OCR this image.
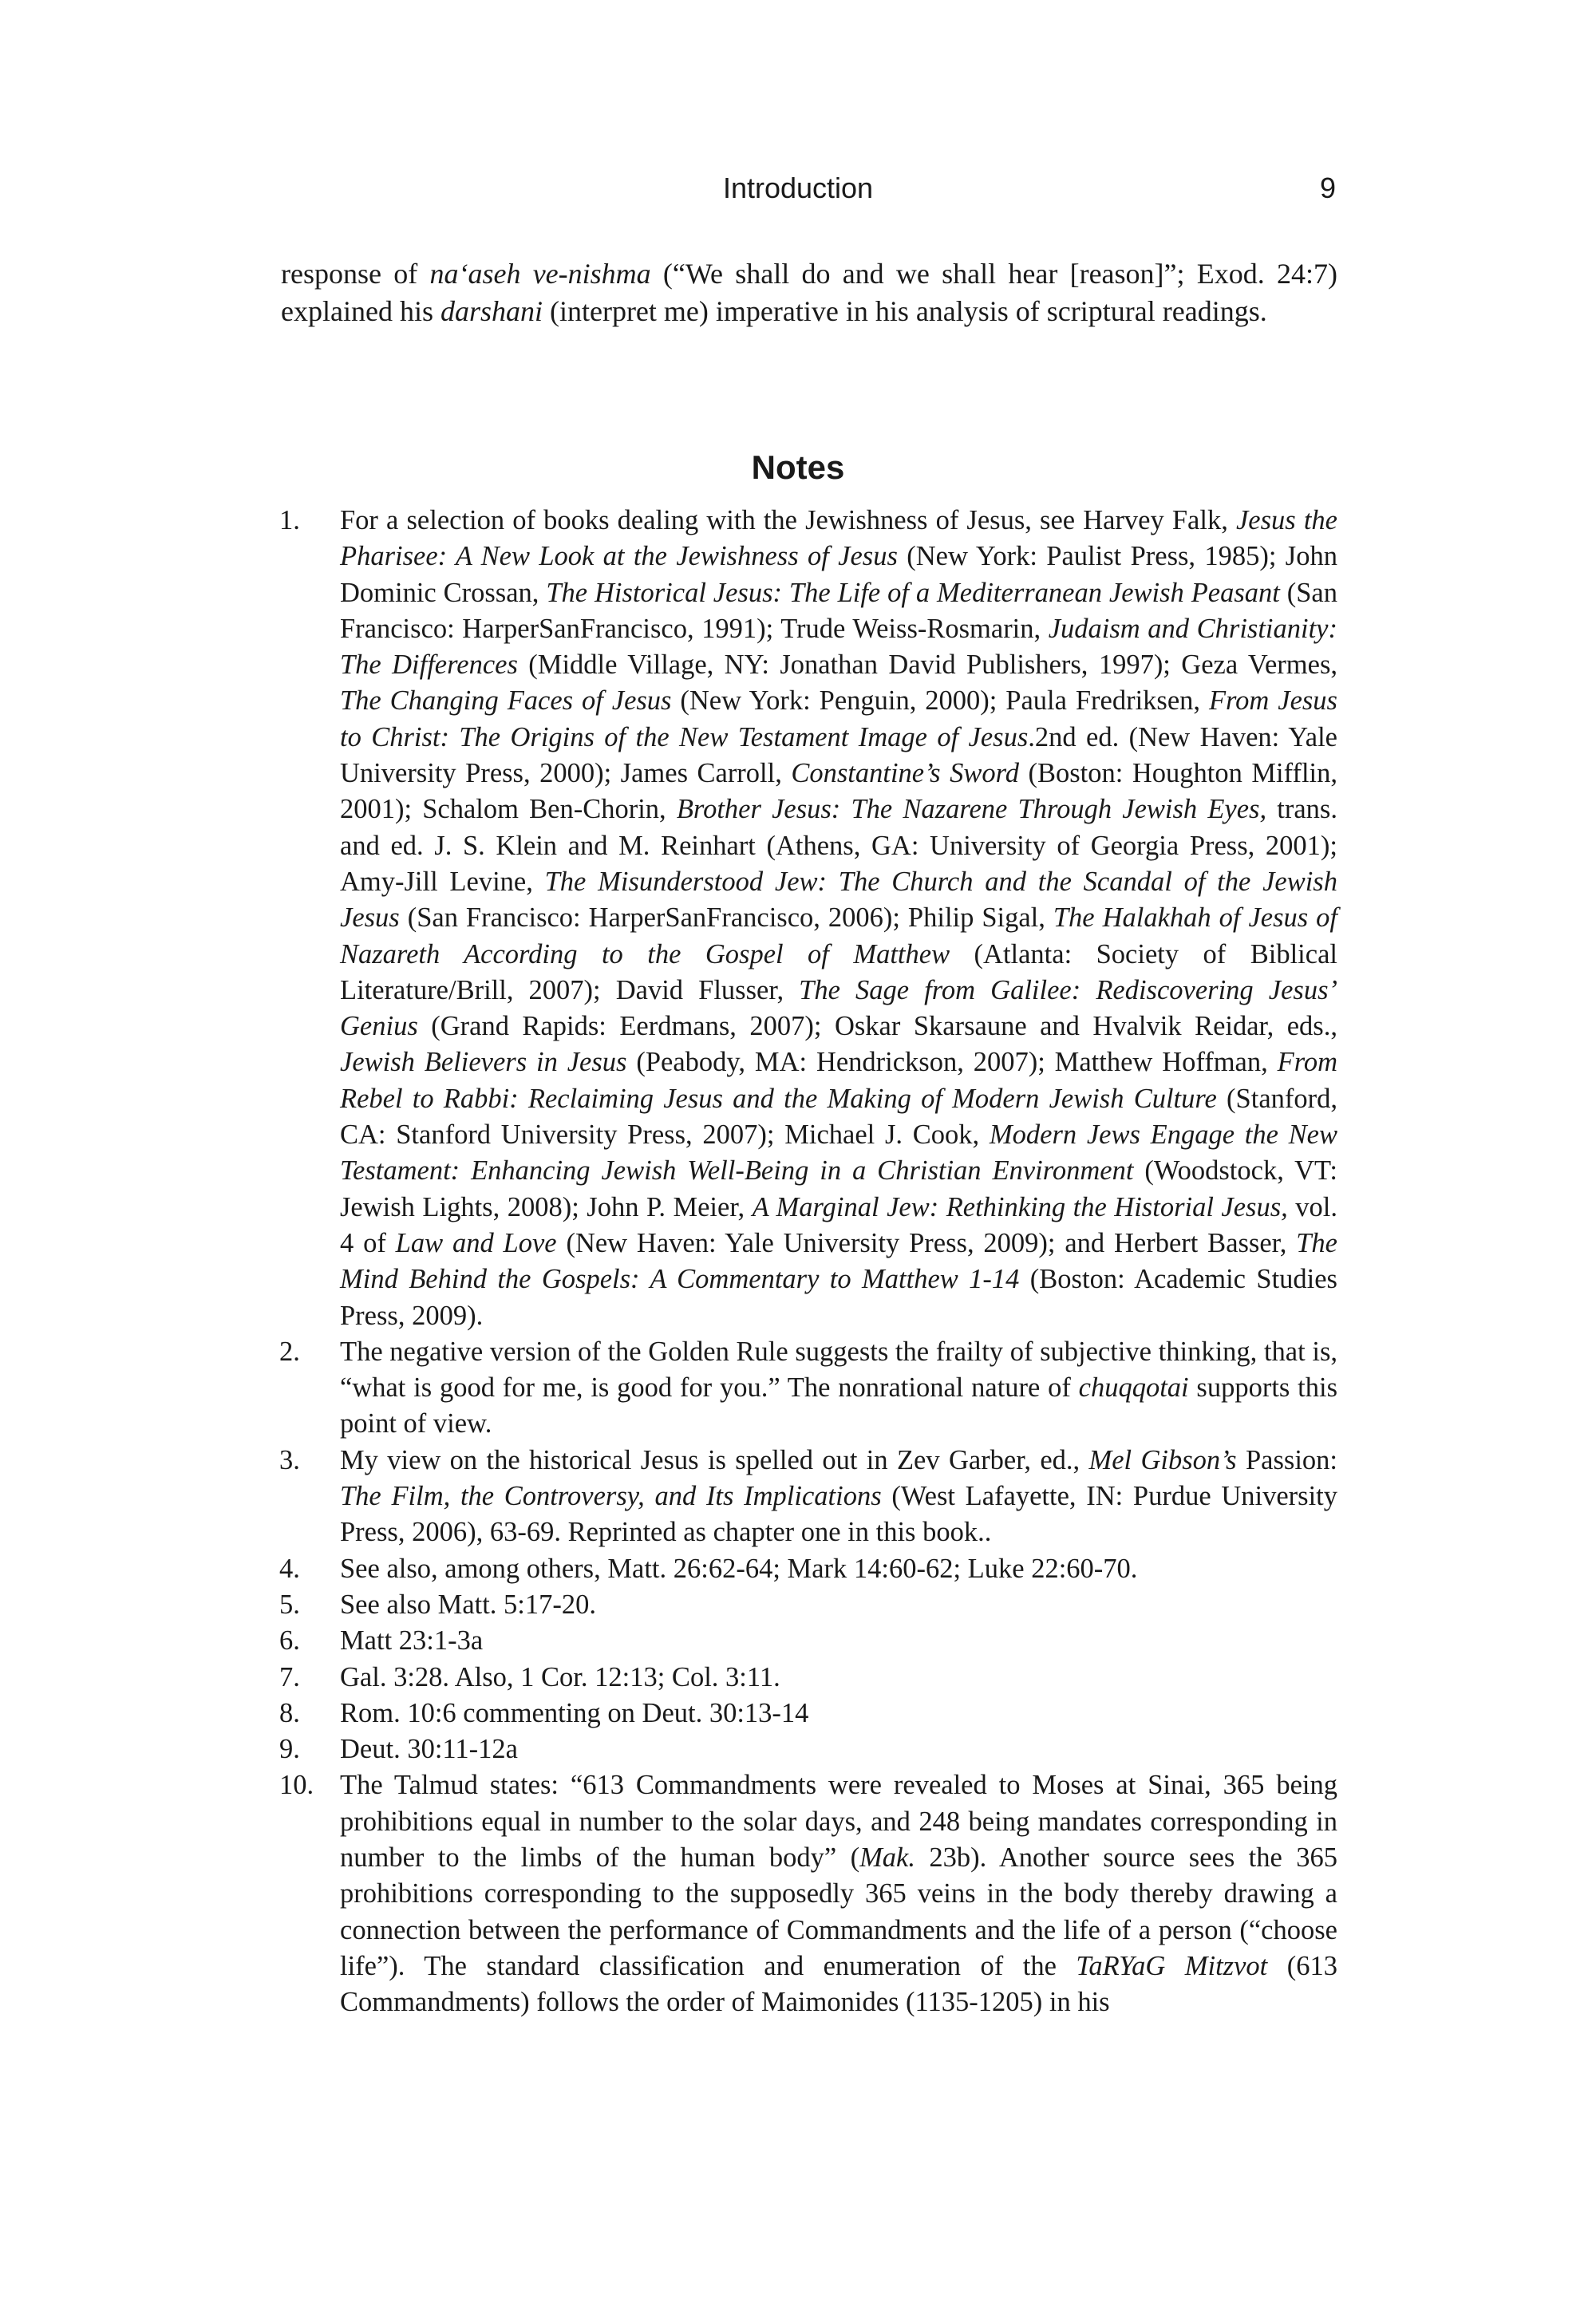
Introduction	9

response of na‘aseh ve-nishma (“We shall do and we shall hear [reason]”; Exod. 24:7) explained his darshani (interpret me) imperative in his analysis of scriptural readings.

Notes
1. For a selection of books dealing with the Jewishness of Jesus, see Harvey Falk, Jesus the Pharisee: A New Look at the Jewishness of Jesus (New York: Paulist Press, 1985); John Dominic Crossan, The Historical Jesus: The Life of a Mediterranean Jewish Peasant (San Francisco: HarperSanFrancisco, 1991); Trude Weiss-Rosmarin, Judaism and Christianity: The Differences (Middle Village, NY: Jonathan David Publishers, 1997); Geza Vermes, The Changing Faces of Jesus (New York: Penguin, 2000); Paula Fredriksen, From Jesus to Christ: The Origins of the New Testament Image of Jesus.2nd ed. (New Haven: Yale University Press, 2000); James Carroll, Constantine’s Sword (Boston: Houghton Mifflin, 2001); Schalom Ben-Chorin, Brother Jesus: The Nazarene Through Jewish Eyes, trans. and ed. J. S. Klein and M. Reinhart (Athens, GA: University of Georgia Press, 2001); Amy-Jill Levine, The Misunderstood Jew: The Church and the Scandal of the Jewish Jesus (San Francisco: HarperSanFrancisco, 2006); Philip Sigal, The Halakhah of Jesus of Nazareth According to the Gospel of Matthew (Atlanta: Society of Biblical Literature/Brill, 2007); David Flusser, The Sage from Galilee: Rediscovering Jesus’ Genius (Grand Rapids: Eerdmans, 2007); Oskar Skarsaune and Hvalvik Reidar, eds., Jewish Believers in Jesus (Peabody, MA: Hendrickson, 2007); Matthew Hoffman, From Rebel to Rabbi: Reclaiming Jesus and the Making of Modern Jewish Culture (Stanford, CA: Stanford University Press, 2007); Michael J. Cook, Modern Jews Engage the New Testament: Enhancing Jewish Well-Being in a Christian Environment (Woodstock, VT: Jewish Lights, 2008); John P. Meier, A Marginal Jew: Rethinking the Historial Jesus, vol. 4 of Law and Love (New Haven: Yale University Press, 2009); and Herbert Basser, The Mind Behind the Gospels: A Commentary to Matthew 1-14 (Boston: Academic Studies Press, 2009).
2. The negative version of the Golden Rule suggests the frailty of subjective thinking, that is, “what is good for me, is good for you.” The nonrational nature of chuqqotai supports this point of view.
3. My view on the historical Jesus is spelled out in Zev Garber, ed., Mel Gibson’s Passion: The Film, the Controversy, and Its Implications (West Lafayette, IN: Purdue University Press, 2006), 63-69. Reprinted as chapter one in this book..
4. See also, among others, Matt. 26:62-64; Mark 14:60-62; Luke 22:60-70.
5. See also Matt. 5:17-20.
6. Matt 23:1-3a
7. Gal. 3:28. Also, 1 Cor. 12:13; Col. 3:11.
8. Rom. 10:6 commenting on Deut. 30:13-14
9. Deut. 30:11-12a
10. The Talmud states: “613 Commandments were revealed to Moses at Sinai, 365 being prohibitions equal in number to the solar days, and 248 being mandates corresponding in number to the limbs of the human body” (Mak. 23b). Another source sees the 365 prohibitions corresponding to the supposedly 365 veins in the body thereby drawing a connection between the performance of Commandments and the life of a person (“choose life”). The standard classification and enumeration of the TaRYaG Mitzvot (613 Commandments) follows the order of Maimonides (1135-1205) in his
